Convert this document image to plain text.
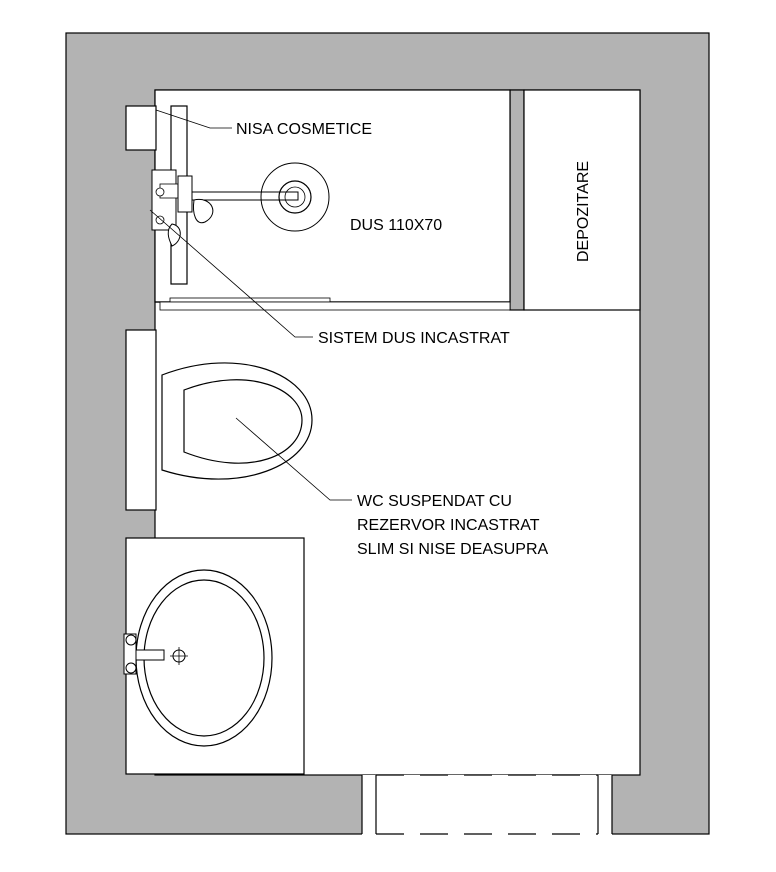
NISA COSMETICE
DUS 110X70	DEPOZITARE
SISTEM DUS INCASTRAT
WC SUSPENDAT CU
REZERVOR INCASTRAT
SLIM SI NISE DEASUPRA
